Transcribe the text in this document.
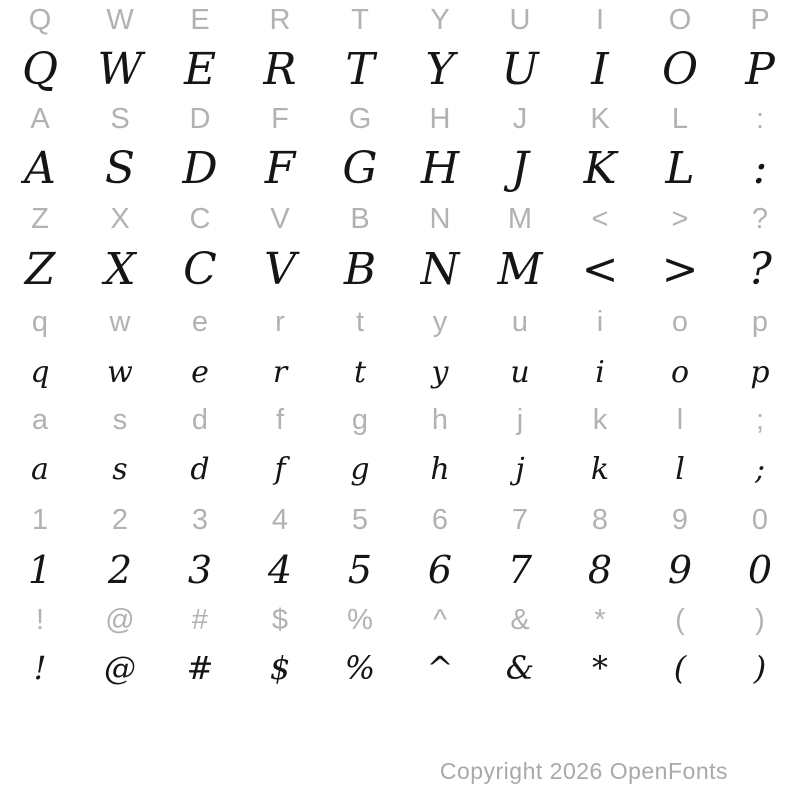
Q W E R T Y U I O P
Q W E R T Y U I O P
A S D F G H J K L :
A S D F G H J K L :
Z X C V B N M < > ?
Z X C V B N M < > ?
q w e r t y u i o p
q w e r t y u i o p
a s d f g h j k l	;
a s d f g h j k l ;
1 2 3 4 5 6 7 8 9 0
1 2 3 4 5 6 7 8 9 0
! @ # $ % ^ & * ( )
! @ # $ % ^ & * ( )
Copyright 2026 OpenFonts
